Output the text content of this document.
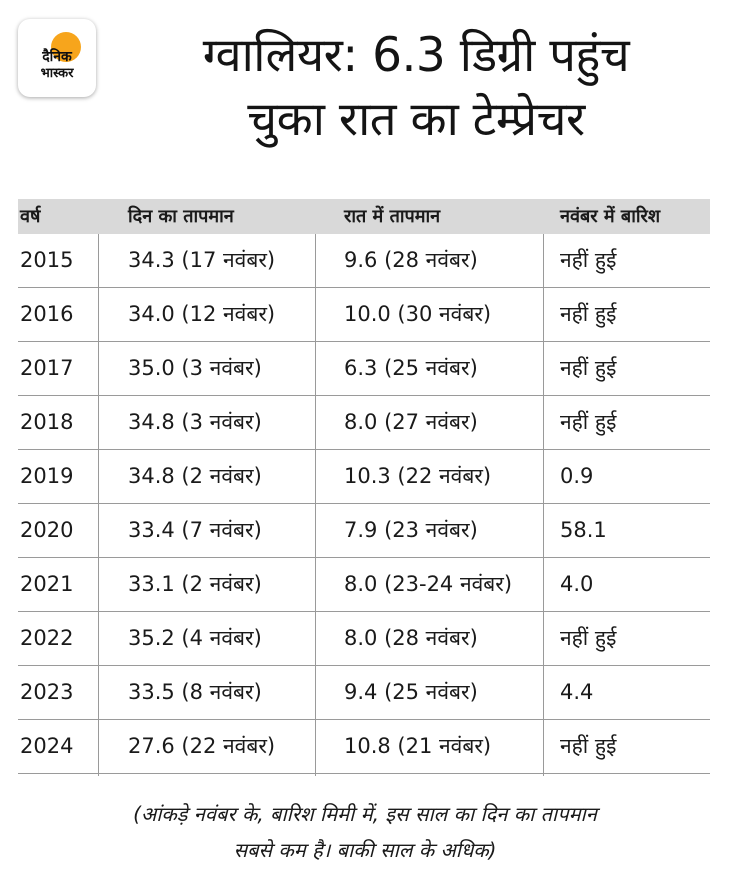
दैनिक
भास्कर	ग्वालियर: 6.3 डिग्री पहुंच
चुका रात का टेम्प्रेचर
वर्ष	दिन का तापमान	रात में तापमान	नवंबर में बारिश
2015	34.3 (17 नवंबर)	9.6 (28 नवंबर)	नहीं हुई
2016	34.0 (12 नवंबर)	10.0 (30 नवंबर)	नहीं हुई
2017	35.0 (3 नवंबर)	6.3 (25 नवंबर)	नहीं हुई
2018	34.8 (3 नवंबर)	8.0 (27 नवंबर)	नहीं हुई
2019	34.8 (2 नवंबर)	10.3 (22 नवंबर)	0.9
2020	33.4 (7 नवंबर)	7.9 (23 नवंबर)	58.1
2021	33.1 (2 नवंबर)	8.0 (23-24 नवंबर) 4.0
2022	35.2 (4 नवंबर)	8.0 (28 नवंबर)	नहीं हुई
2023	33.5 (8 नवंबर)	9.4 (25 नवंबर)	4.4
2024	27.6 (22 नवंबर)	10.8 (21 नवंबर)	नहीं हुई
(आंकड़े नवंबर के, बारिश मिमी में, इस साल का दिन का तापमान
सबसे कम है। बाकी साल के अधिक)
